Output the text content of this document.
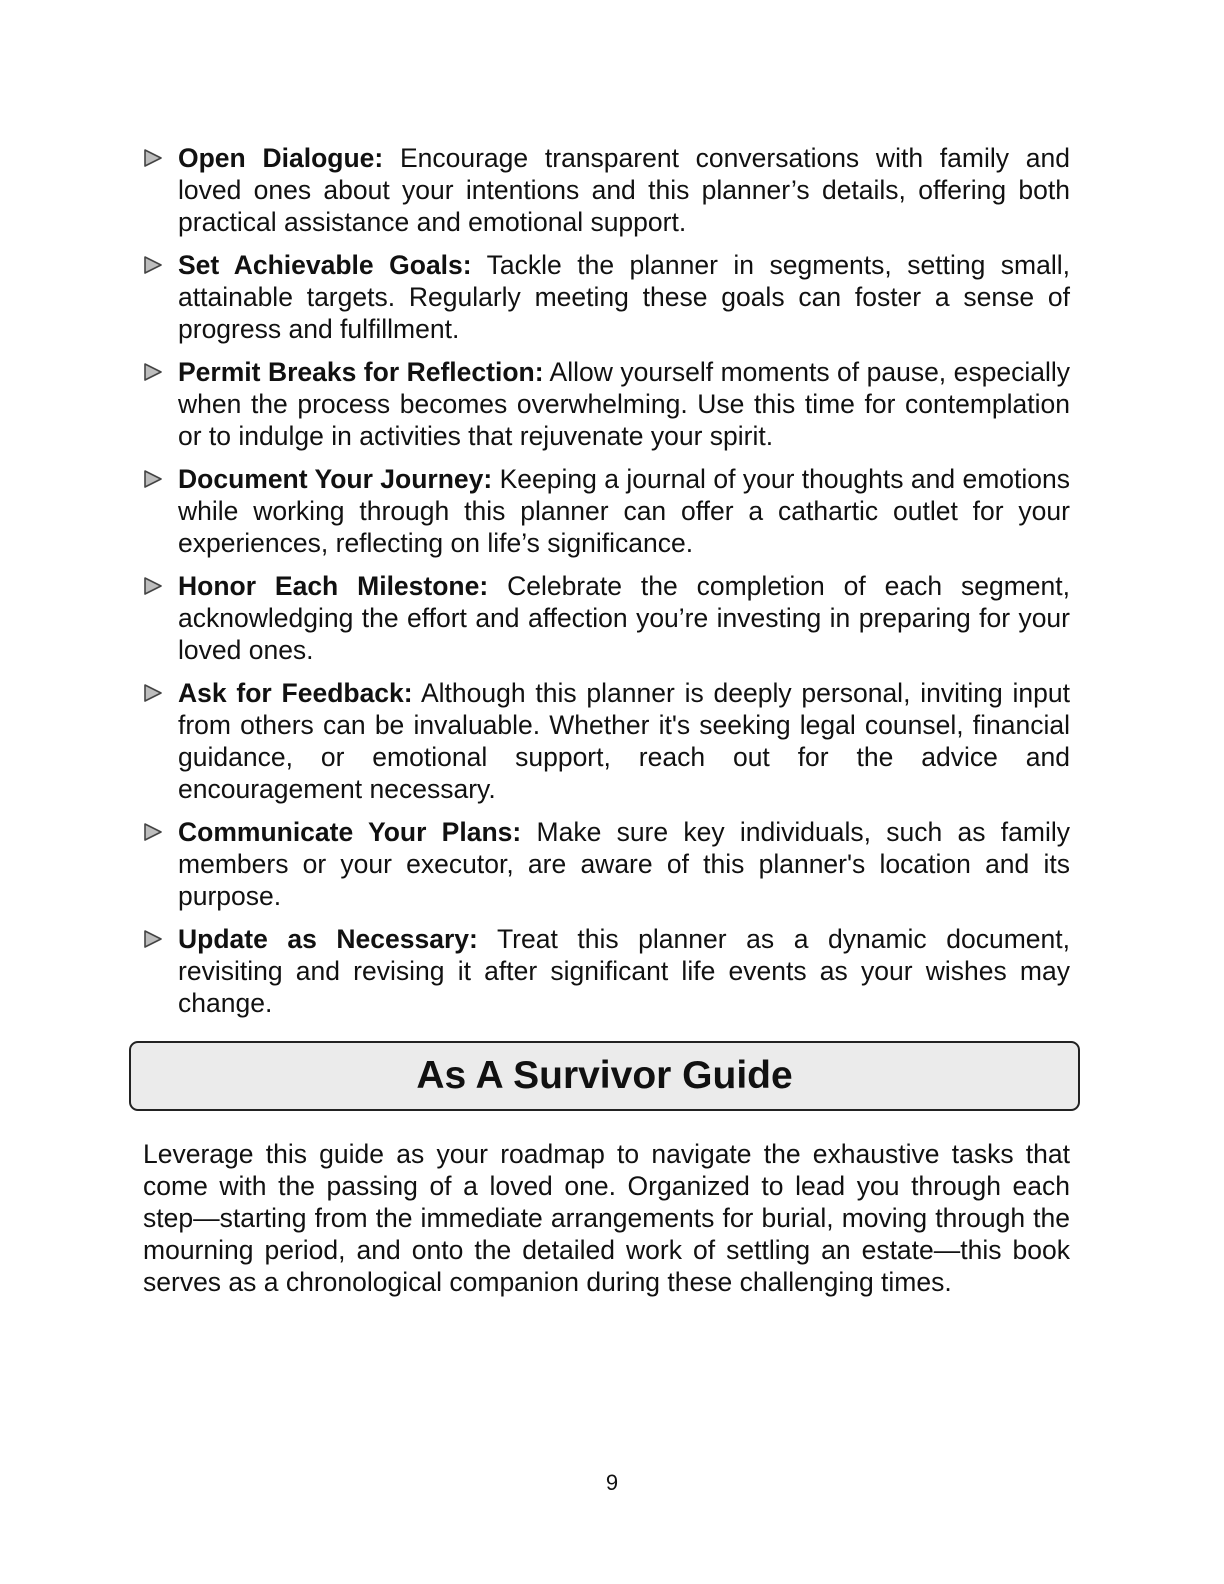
Open Dialogue: Encourage transparent conversations with family and loved ones about your intentions and this planner’s details, offering both practical assistance and emotional support.
Set Achievable Goals: Tackle the planner in segments, setting small, attainable targets. Regularly meeting these goals can foster a sense of progress and fulfillment.
Permit Breaks for Reflection: Allow yourself moments of pause, especially when the process becomes overwhelming. Use this time for contemplation or to indulge in activities that rejuvenate your spirit.
Document Your Journey: Keeping a journal of your thoughts and emotions while working through this planner can offer a cathartic outlet for your experiences, reflecting on life’s significance.
Honor Each Milestone: Celebrate the completion of each segment, acknowledging the effort and affection you’re investing in preparing for your loved ones.
Ask for Feedback: Although this planner is deeply personal, inviting input from others can be invaluable. Whether it's seeking legal counsel, financial guidance, or emotional support, reach out for the advice and encouragement necessary.
Communicate Your Plans: Make sure key individuals, such as family members or your executor, are aware of this planner's location and its purpose.
Update as Necessary: Treat this planner as a dynamic document, revisiting and revising it after significant life events as your wishes may change.
As A Survivor Guide

Leverage this guide as your roadmap to navigate the exhaustive tasks that come with the passing of a loved one. Organized to lead you through each step—starting from the immediate arrangements for burial, moving through the mourning period, and onto the detailed work of settling an estate—this book serves as a chronological companion during these challenging times.

9
